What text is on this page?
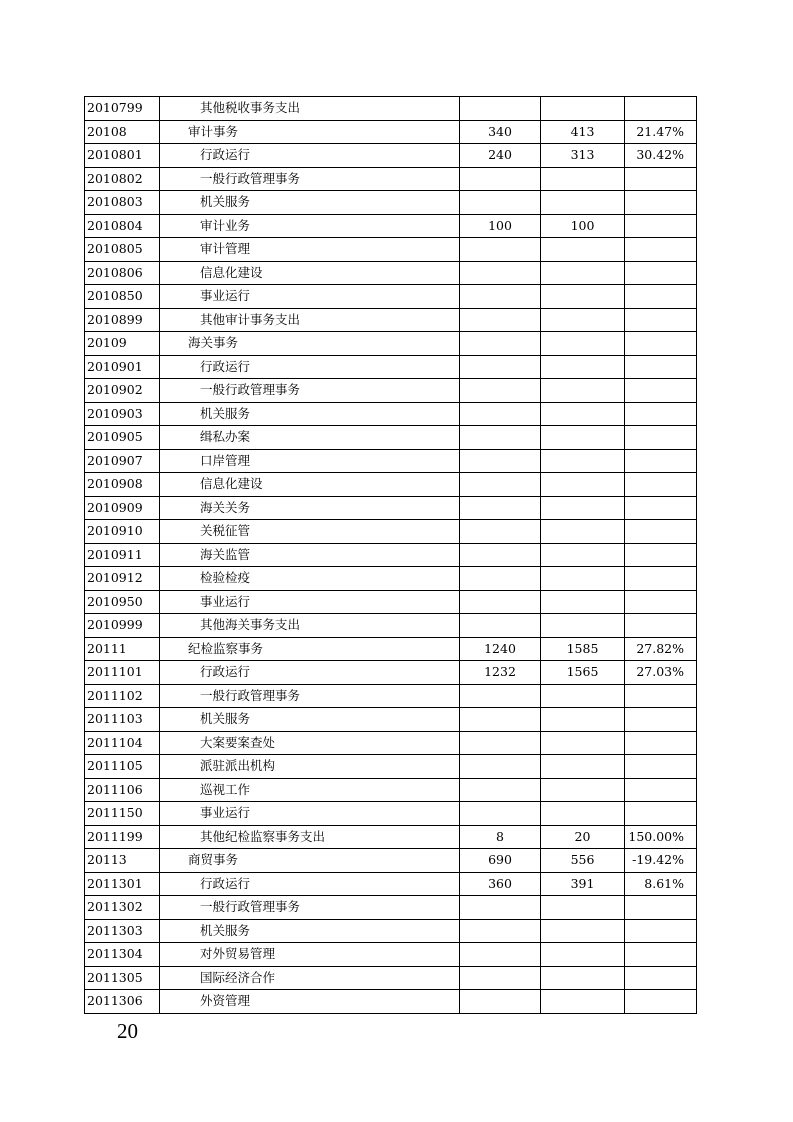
2010799	其他税收事务支出			
20108	审计事务	340	413	21.47%
2010801	行政运行	240	313	30.42%
2010802	一般行政管理事务			
2010803	机关服务			
2010804	审计业务	100	100	
2010805	审计管理			
2010806	信息化建设			
2010850	事业运行			
2010899	其他审计事务支出			
20109	海关事务			
2010901	行政运行			
2010902	一般行政管理事务			
2010903	机关服务			
2010905	缉私办案			
2010907	口岸管理			
2010908	信息化建设			
2010909	海关关务			
2010910	关税征管			
2010911	海关监管			
2010912	检验检疫			
2010950	事业运行			
2010999	其他海关事务支出			
20111	纪检监察事务	1240	1585	27.82%
2011101	行政运行	1232	1565	27.03%
2011102	一般行政管理事务			
2011103	机关服务			
2011104	大案要案查处			
2011105	派驻派出机构			
2011106	巡视工作			
2011150	事业运行			
2011199	其他纪检监察事务支出	8	20	150.00%
20113	商贸事务	690	556	-19.42%
2011301	行政运行	360	391	8.61%
2011302	一般行政管理事务			
2011303	机关服务			
2011304	对外贸易管理			
2011305	国际经济合作			
2011306	外资管理			
20
